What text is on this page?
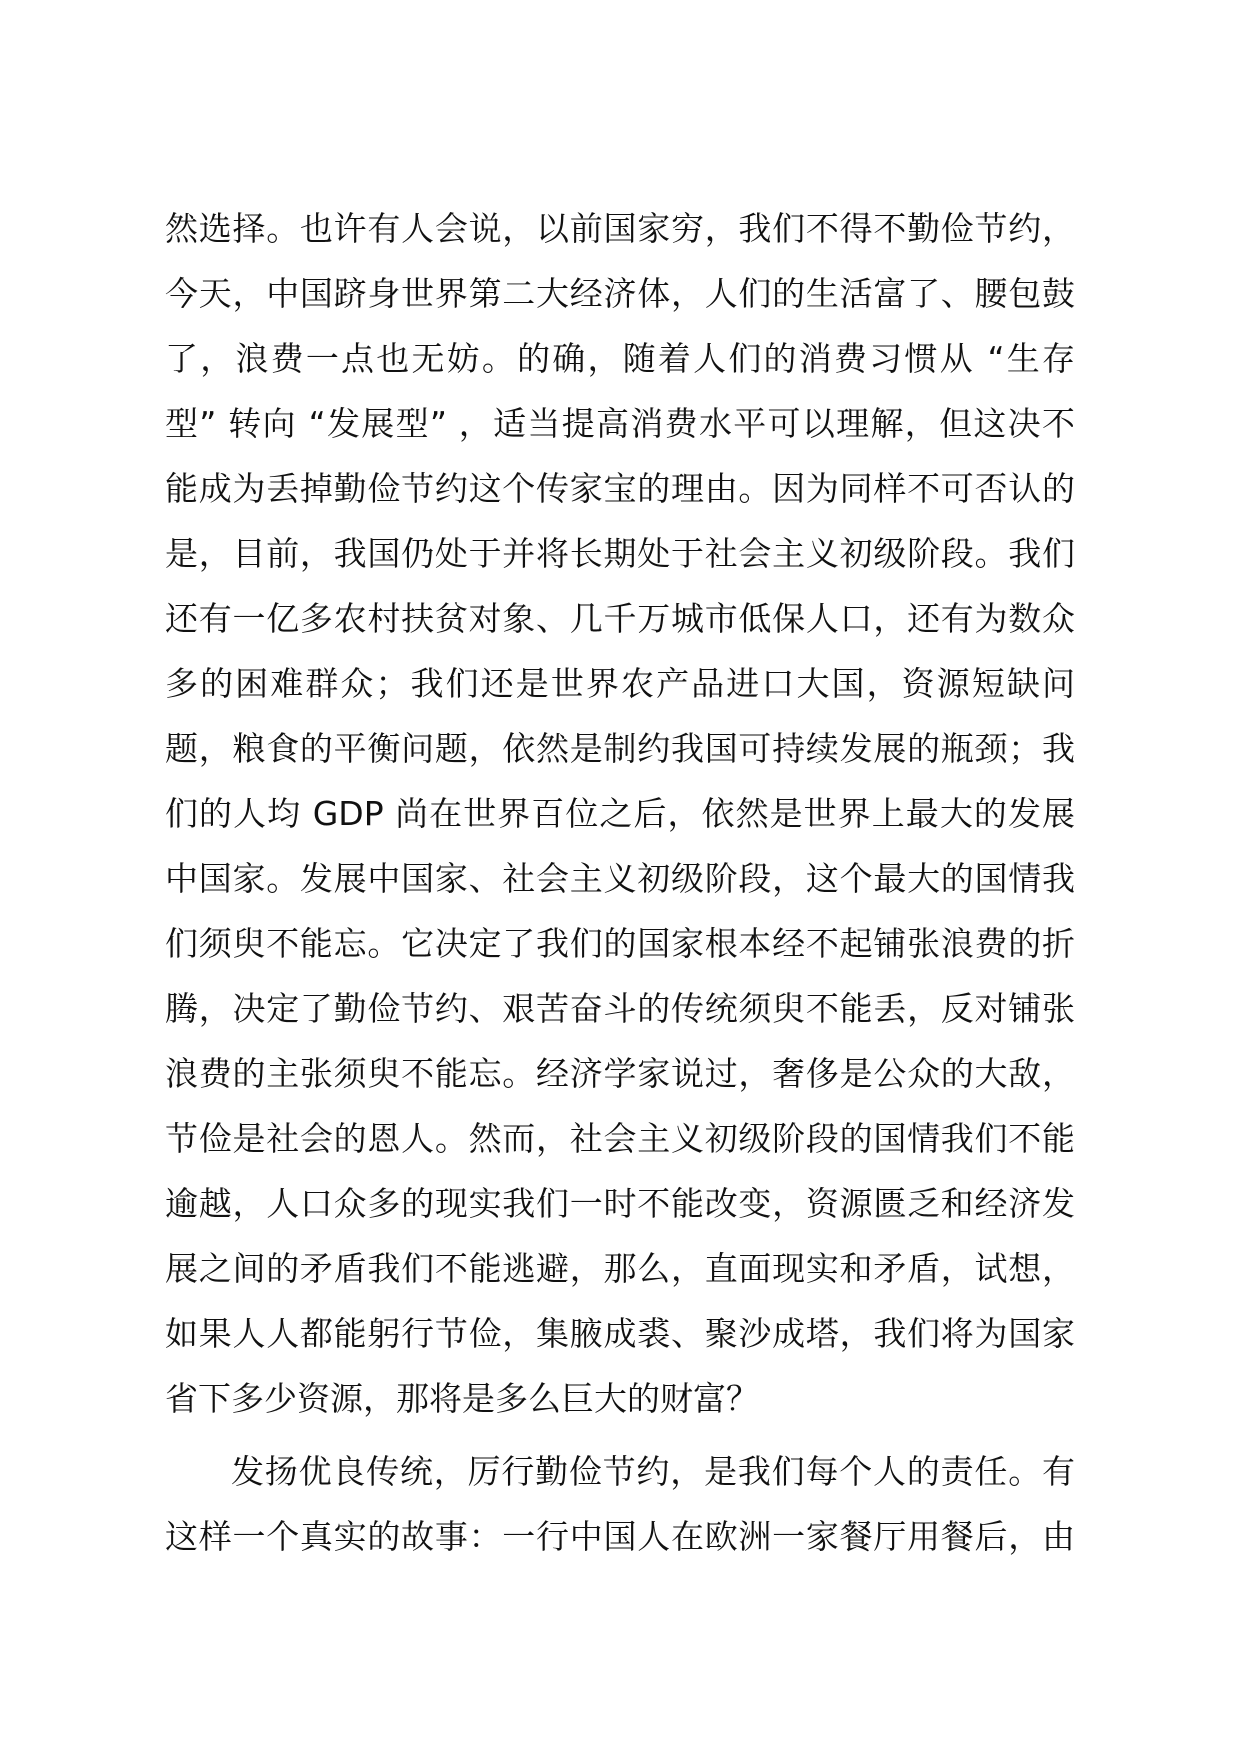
然选择。也许有人会说，以前国家穷，我们不得不勤俭节约，
今天，中国跻身世界第二大经济体，人们的生活富了、腰包鼓
了，浪费一点也无妨。的确，随着人们的消费习惯从 “生存
型” 转向 “发展型” ，适当提高消费水平可以理解，但这决不
能成为丢掉勤俭节约这个传家宝的理由。因为同样不可否认的
是，目前，我国仍处于并将长期处于社会主义初级阶段。我们
还有一亿多农村扶贫对象、几千万城市低保人口，还有为数众
多的困难群众；我们还是世界农产品进口大国，资源短缺问
题，粮食的平衡问题，依然是制约我国可持续发展的瓶颈；我
们的人均 GDP 尚在世界百位之后，依然是世界上最大的发展
中国家。发展中国家、社会主义初级阶段，这个最大的国情我
们须臾不能忘。它决定了我们的国家根本经不起铺张浪费的折
腾，决定了勤俭节约、艰苦奋斗的传统须臾不能丢，反对铺张
浪费的主张须臾不能忘。经济学家说过，奢侈是公众的大敌，
节俭是社会的恩人。然而，社会主义初级阶段的国情我们不能
逾越，人口众多的现实我们一时不能改变，资源匮乏和经济发
展之间的矛盾我们不能逃避，那么，直面现实和矛盾，试想，
如果人人都能躬行节俭，集腋成裘、聚沙成塔，我们将为国家
省下多少资源，那将是多么巨大的财富？
发扬优良传统，厉行勤俭节约，是我们每个人的责任。有
这样一个真实的故事：一行中国人在欧洲一家餐厅用餐后，由
